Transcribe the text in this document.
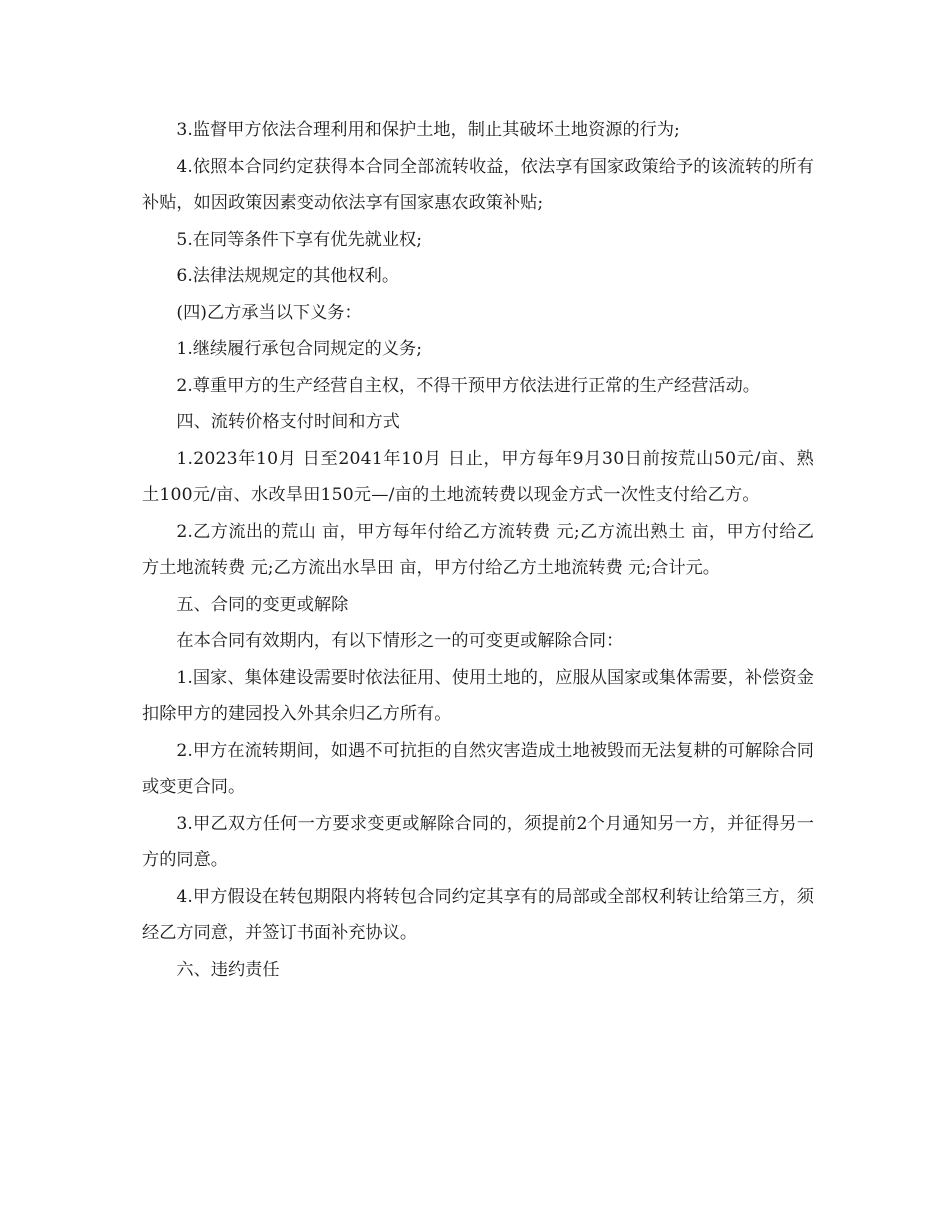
3.监督甲方依法合理利用和保护土地，制止其破坏土地资源的行为;

4.依照本合同约定获得本合同全部流转收益，依法享有国家政策给予的该流转的所有补贴，如因政策因素变动依法享有国家惠农政策补贴;

5.在同等条件下享有优先就业权;

6.法律法规规定的其他权利。

(四)乙方承当以下义务：

1.继续履行承包合同规定的义务;

2.尊重甲方的生产经营自主权，不得干预甲方依法进行正常的生产经营活动。

四、流转价格支付时间和方式

1.2023年10月 日至2041年10月 日止，甲方每年9月30日前按荒山50元/亩、熟土100元/亩、水改旱田150元—/亩的土地流转费以现金方式一次性支付给乙方。

2.乙方流出的荒山 亩，甲方每年付给乙方流转费 元;乙方流出熟土 亩，甲方付给乙方土地流转费 元;乙方流出水旱田 亩，甲方付给乙方土地流转费 元;合计元。

五、合同的变更或解除

在本合同有效期内，有以下情形之一的可变更或解除合同：

1.国家、集体建设需要时依法征用、使用土地的，应服从国家或集体需要，补偿资金扣除甲方的建园投入外其余归乙方所有。

2.甲方在流转期间，如遇不可抗拒的自然灾害造成土地被毁而无法复耕的可解除合同或变更合同。

3.甲乙双方任何一方要求变更或解除合同的，须提前2个月通知另一方，并征得另一方的同意。

4.甲方假设在转包期限内将转包合同约定其享有的局部或全部权利转让给第三方，须经乙方同意，并签订书面补充协议。

六、违约责任
